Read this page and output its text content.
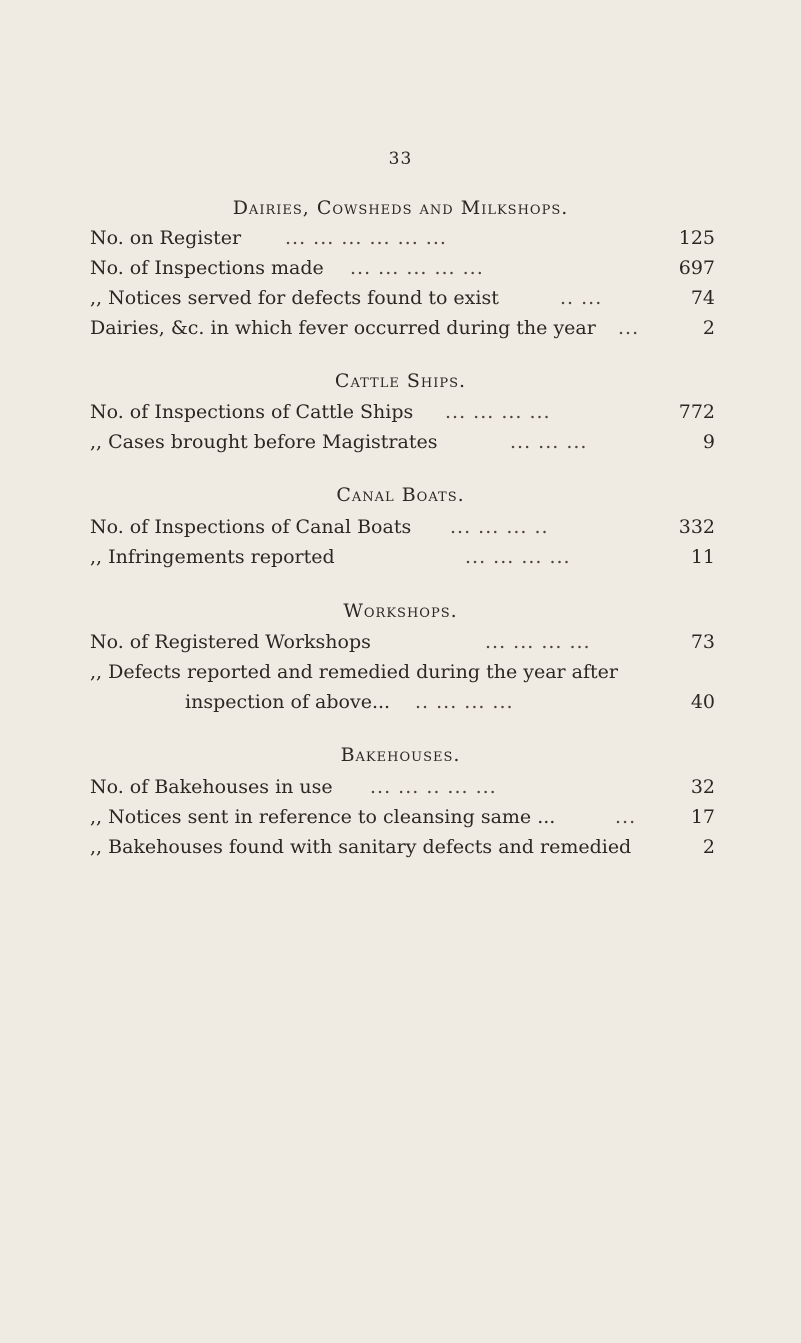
33
Dairies, Cowsheds and Milkshops.
No. on Register ... ... ... ... ... ...	125
No. of Inspections made ... ... ... ... ...	697
,, Notices served for defects found to exist	.. ...	74
Dairies, &c. in which fever occurred during the year ...	2
Cattle Ships.
No. of Inspections of Cattle Ships ... ... ... ...	772
,, Cases brought before Magistrates	... ... ...	9
Canal Boats.
No. of Inspections of Canal Boats ... ... ... ..	332
,, Infringements reported	... ... ... ...	11
Workshops.
No. of Registered Workshops	... ... ... ...	73
,, Defects reported and remedied during the year after
inspection of above... .. ... ... ...	40
Bakehouses.
No. of Bakehouses in use ... ... .. ... ...	32
,, Notices sent in reference to cleansing same ...	...	17
,, Bakehouses found with sanitary defects and remedied	2
